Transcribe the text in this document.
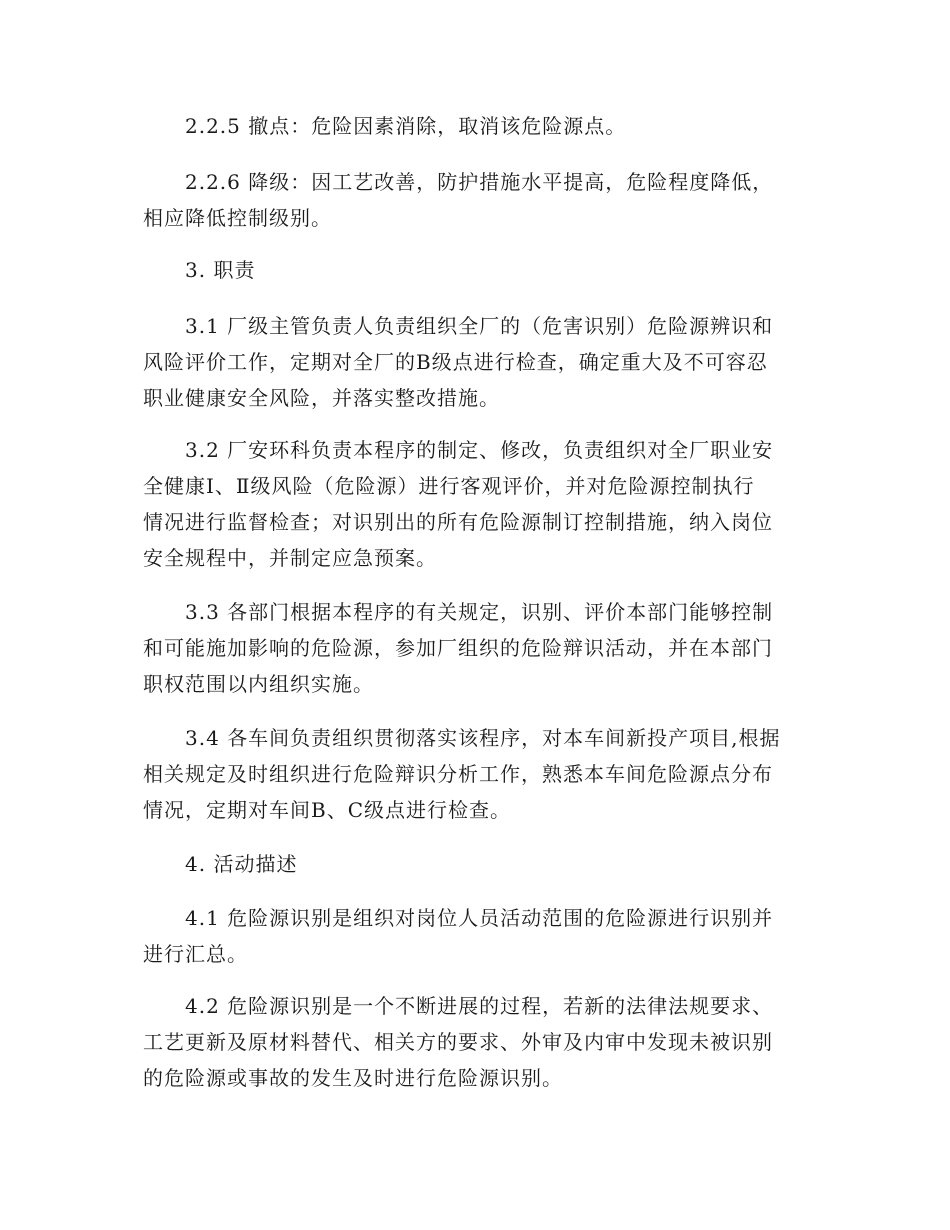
2.2.5 撤点：危险因素消除，取消该危险源点。
2.2.6 降级：因工艺改善，防护措施水平提高，危险程度降低，
相应降低控制级别。
3. 职责
3.1 厂级主管负责人负责组织全厂的（危害识别）危险源辨识和
风险评价工作，定期对全厂的B级点进行检查，确定重大及不可容忍
职业健康安全风险，并落实整改措施。
3.2 厂安环科负责本程序的制定、修改，负责组织对全厂职业安
全健康Ⅰ、Ⅱ级风险（危险源）进行客观评价，并对危险源控制执行
情况进行监督检查；对识别出的所有危险源制订控制措施，纳入岗位
安全规程中，并制定应急预案。
3.3 各部门根据本程序的有关规定，识别、评价本部门能够控制
和可能施加影响的危险源，参加厂组织的危险辩识活动，并在本部门
职权范围以内组织实施。
3.4 各车间负责组织贯彻落实该程序，对本车间新投产项目,根据
相关规定及时组织进行危险辩识分析工作，熟悉本车间危险源点分布
情况，定期对车间B、C级点进行检查。
4. 活动描述
4.1 危险源识别是组织对岗位人员活动范围的危险源进行识别并
进行汇总。
4.2 危险源识别是一个不断进展的过程，若新的法律法规要求、
工艺更新及原材料替代、相关方的要求、外审及内审中发现未被识别
的危险源或事故的发生及时进行危险源识别。
